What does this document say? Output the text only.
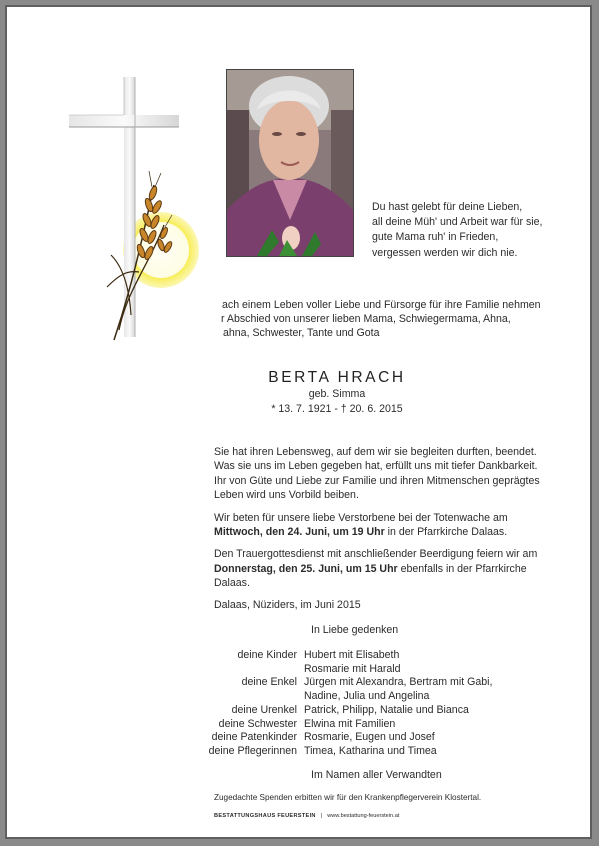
Du hast gelebt für deine Lieben,
all deine Müh' und Arbeit war für sie,
gute Mama ruh' in Frieden,
vergessen werden wir dich nie.
ach einem Leben voller Liebe und Fürsorge für ihre Familie nehmen
r Abschied von unserer lieben Mama, Schwiegermama, Ahna,
ahna, Schwester, Tante und Gota
BERTA HRACH
geb. Simma
* 13. 7. 1921 - † 20. 6. 2015

Sie hat ihren Lebensweg, auf dem wir sie begleiten durften, beendet.
Was sie uns im Leben gegeben hat, erfüllt uns mit tiefer Dankbarkeit.
Ihr von Güte und Liebe zur Familie und ihren Mitmenschen geprägtes
Leben wird uns Vorbild beiben.

Wir beten für unsere liebe Verstorbene bei der Totenwache am
Mittwoch, den 24. Juni, um 19 Uhr in der Pfarrkirche Dalaas.

Den Trauergottesdienst mit anschließender Beerdigung feiern wir am
Donnerstag, den 25. Juni, um 15 Uhr ebenfalls in der Pfarrkirche
Dalaas.

Dalaas, Nüziders, im Juni 2015
In Liebe gedenken
deine Kinder Hubert mit Elisabeth
Rosmarie mit Harald
deine Enkel Jürgen mit Alexandra, Bertram mit Gabi,
Nadine, Julia und Angelina
deine Urenkel Patrick, Philipp, Natalie und Bianca
deine Schwester Elwina mit Familien
deine Patenkinder Rosmarie, Eugen und Josef
deine Pflegerinnen Timea, Katharina und Timea
Im Namen aller Verwandten
Zugedachte Spenden erbitten wir für den Krankenpflegerverein Klostertal.
BESTATTUNGSHAUS FEUERSTEIN | www.bestattung-feuerstein.at
